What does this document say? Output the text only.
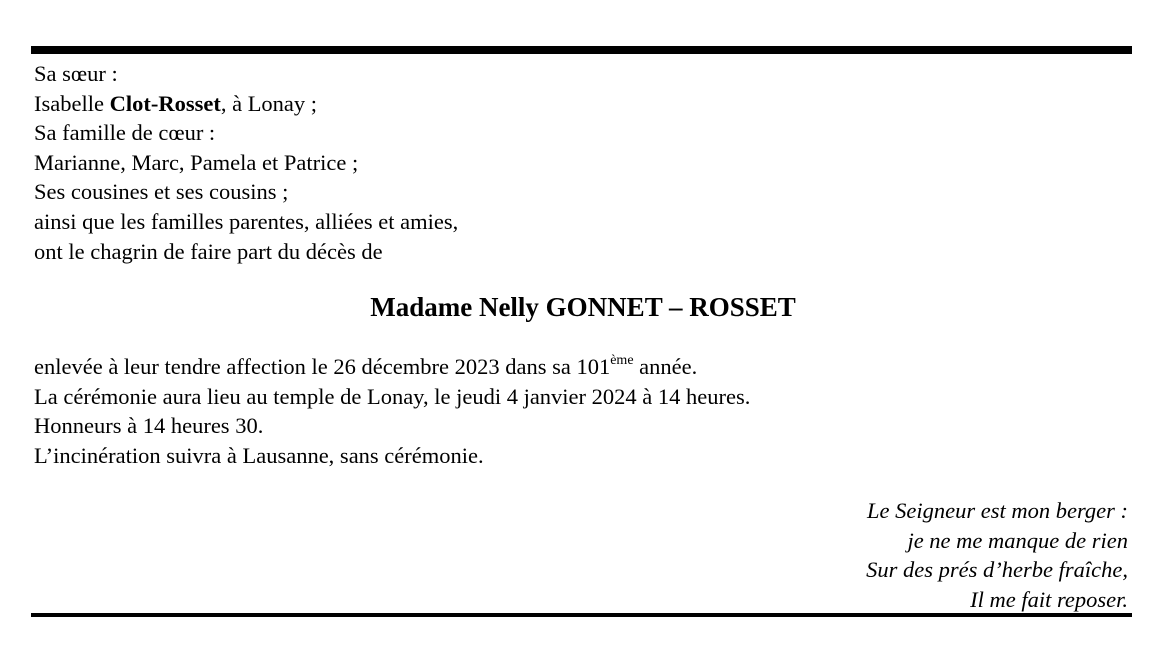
Sa sœur :
Isabelle Clot-Rosset, à Lonay ;
Sa famille de cœur :
Marianne, Marc, Pamela et Patrice ;
Ses cousines et ses cousins ;
ainsi que les familles parentes, alliées et amies,
ont le chagrin de faire part du décès de
Madame Nelly GONNET – ROSSET
enlevée à leur tendre affection le 26 décembre 2023 dans sa 101ème année.
La cérémonie aura lieu au temple de Lonay, le jeudi 4 janvier 2024 à 14 heures.
Honneurs à 14 heures 30.
L’incinération suivra à Lausanne, sans cérémonie.
Le Seigneur est mon berger :
je ne me manque de rien
Sur des prés d’herbe fraîche,
Il me fait reposer.
